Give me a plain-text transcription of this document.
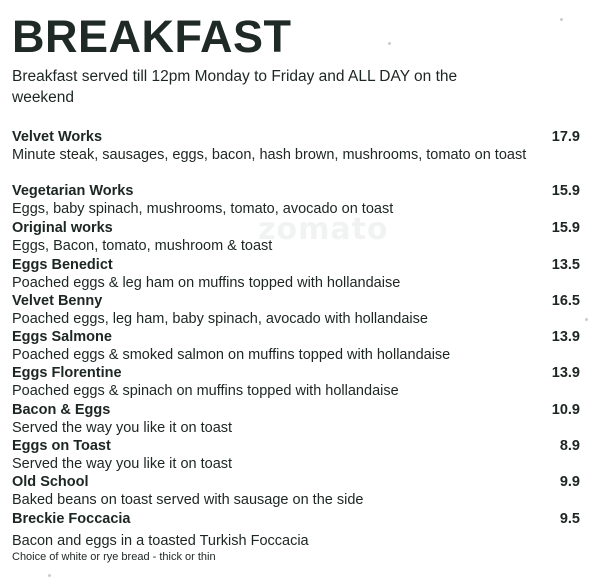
BREAKFAST
Breakfast served till 12pm Monday to Friday and ALL DAY on the weekend
zomato
Velvet Works
Minute steak, sausages, eggs, bacon, hash brown, mushrooms, tomato on toast
17.9
Vegetarian Works
Eggs, baby spinach, mushrooms, tomato, avocado on toast
15.9
Original works
Eggs, Bacon, tomato, mushroom & toast
15.9
Eggs Benedict
Poached eggs & leg ham on muffins topped with hollandaise
13.5
Velvet Benny
Poached eggs, leg ham, baby spinach, avocado with hollandaise
16.5
Eggs Salmone
Poached eggs & smoked salmon on muffins topped with hollandaise
13.9
Eggs Florentine
Poached eggs & spinach on muffins topped with hollandaise
13.9
Bacon & Eggs
Served the way you like it on toast
10.9
Eggs on Toast
Served the way you like it on toast
8.9
Old School
Baked beans on toast served with sausage on the side
9.9
Breckie Foccacia
Bacon and eggs in a toasted Turkish Foccacia
Choice of white or rye bread - thick or thin
9.5
